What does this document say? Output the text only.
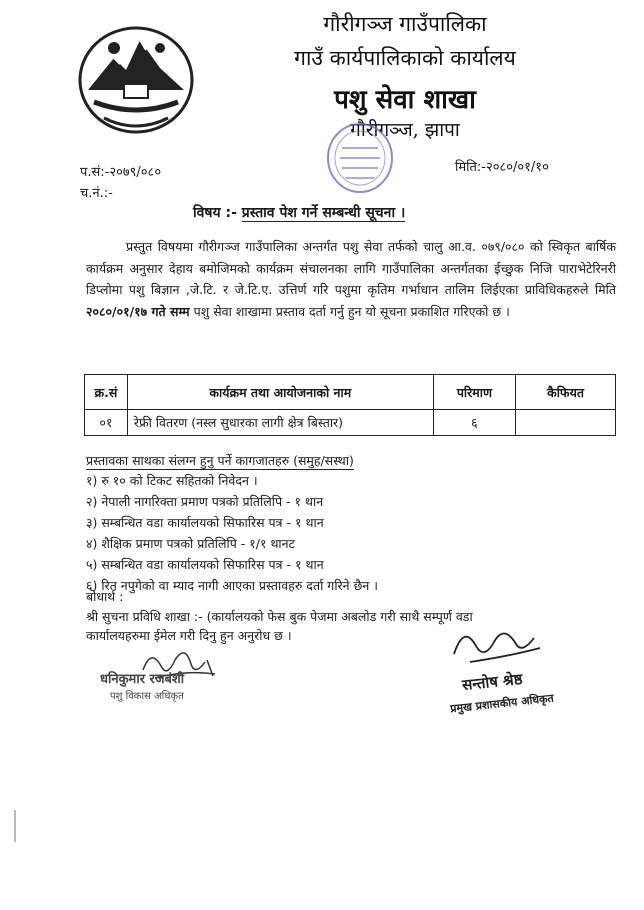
गौरीगञ्ज गाउँपालिका
गाउँ कार्यपालिकाको कार्यालय
पशु सेवा शाखा
गौरीगञ्ज, झापा
प.सं:-२०७९/०८०
च.नं.:-
मिति:-२०८०/०१/१०
विषय :- प्रस्ताव पेश गर्ने सम्बन्धी सूचना ।
प्रस्तुत विषयमा गौरीगञ्ज गाउँपालिका अन्तर्गत पशु सेवा तर्फको चालु आ.व. ०७९/०८० को स्विकृत बार्षिक कार्यक्रम अनुसार देहाय बमोजिमको कार्यक्रम संचालनका लागि गाउँपालिका अन्तर्गतका ईच्छुक निजि पाराभेटेरिनरी डिप्लोमा पशु बिज्ञान ,जे.टि. र जे.टि.ए. उत्तिर्ण गरि पशुमा कृतिम गर्भाधान तालिम लिईएका प्राविधिकहरुले मिति २०८०/०१/१७ गते सम्म पशु सेवा शाखामा प्रस्ताव दर्ता गर्नु हुन यो सूचना प्रकाशित गरिएको छ ।
क्र.सं	कार्यक्रम तथा आयोजनाको नाम	परिमाण	कैफियत
०१	रेफ्री वितरण (नस्ल सुधारका लागी क्षेत्र बिस्तार)	६	
प्रस्तावका साथका संलग्न हुनु पर्ने कागजातहरु (समुह/सस्था)
१) रु १० को टिकट सहितको निवेदन ।
२) नेपाली नागरिक्ता प्रमाण पत्रको प्रतिलिपि - १ थान
३) सम्बन्धित वडा कार्यालयको सिफारिस पत्र - १ थान
४) शैक्षिक प्रमाण पत्रको प्रतिलिपि - १/१ थानट
५) सम्बन्धित वडा कार्यालयको सिफारिस पत्र - १ थान
६) रित नपुगेको वा म्याद नागी आएका प्रस्तावहरु दर्ता गरिने छैन ।
बोधार्थ :
श्री सुचना प्रविधि शाखा :- (कार्यालयको फेस बुक पेजमा अबलोड गरी साथै सम्पूर्ण वडा
कार्यालयहरुमा ईमेल गरी दिनु हुन अनुरोध छ ।
धनिकुमार रजबंशी
पशु विकास अधिकृत
सन्तोष श्रेष्ठ
प्रमुख प्रशासकीय अधिकृत
